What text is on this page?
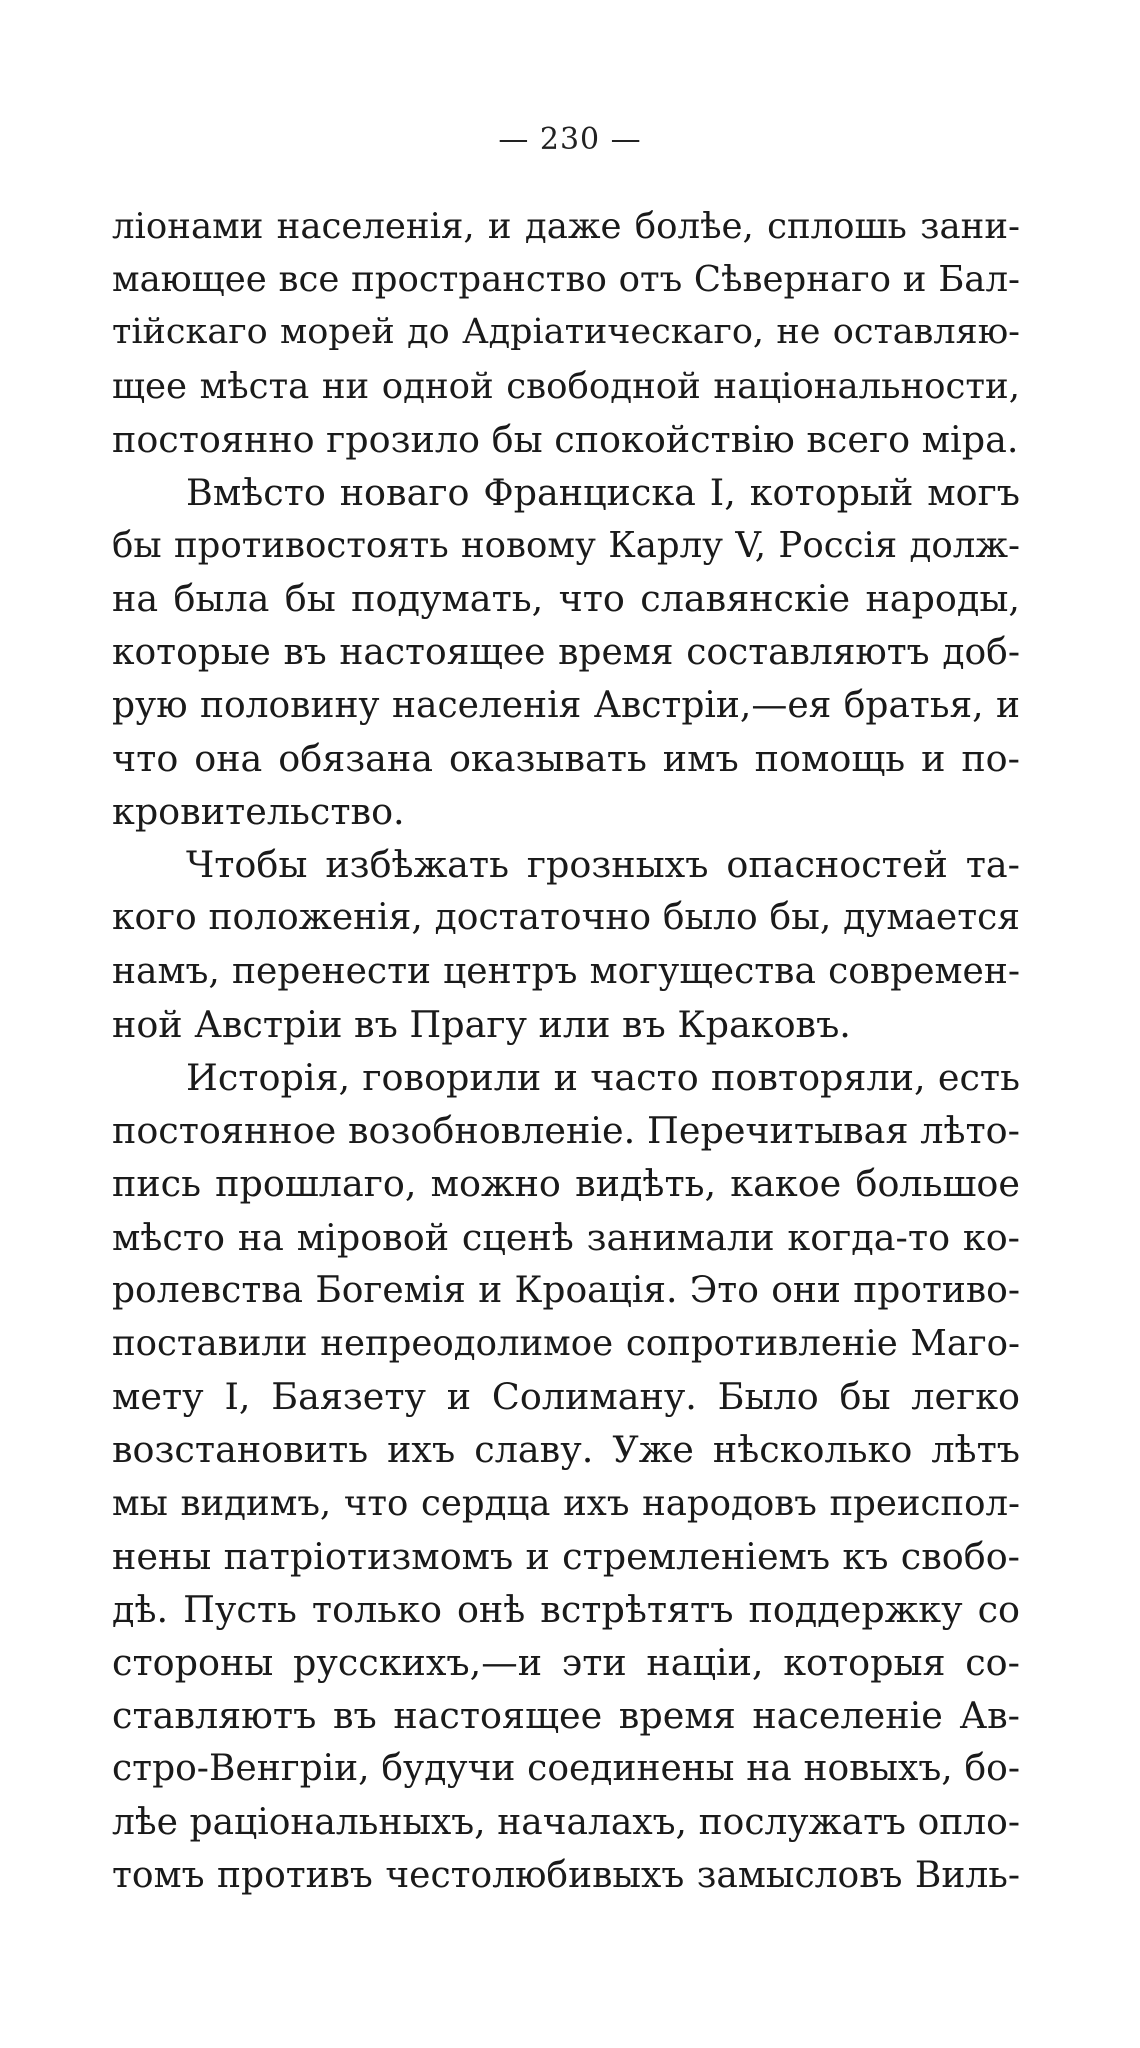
— 230 —
ліонами населенія, и даже болѣе, сплошь зани-
мающее все пространство отъ Сѣвернаго и Бал-
тійскаго морей до Адріатическаго, не оставляю-
щее мѣста ни одной свободной національности,
постоянно грозило бы спокойствію всего міра.
Вмѣсто новаго Франциска I, который могъ
бы противостоять новому Карлу V, Россія долж-
на была бы подумать, что славянскіе народы,
которые въ настоящее время составляютъ доб-
рую половину населенія Австріи,—ея братья, и
что она обязана оказывать имъ помощь и по-
кровительство.
Чтобы избѣжать грозныхъ опасностей та-
кого положенія, достаточно было бы, думается
намъ, перенести центръ могущества современ-
ной Австріи въ Прагу или въ Краковъ.
Исторія, говорили и часто повторяли, есть
постоянное возобновленіе. Перечитывая лѣто-
пись прошлаго, можно видѣть, какое большое
мѣсто на міровой сценѣ занимали когда-то ко-
ролевства Богемія и Кроація. Это они противо-
поставили непреодолимое сопротивленіе Маго-
мету I, Баязету и Солиману. Было бы легко
возстановить ихъ славу. Уже нѣсколько лѣтъ
мы видимъ, что сердца ихъ народовъ преиспол-
нены патріотизмомъ и стремленіемъ къ свобо-
дѣ. Пусть только онѣ встрѣтятъ поддержку со
стороны русскихъ,—и эти націи, которыя со-
ставляютъ въ настоящее время населеніе Ав-
стро-Венгріи, будучи соединены на новыхъ, бо-
лѣе раціональныхъ, началахъ, послужатъ оплo-
томъ противъ честолюбивыхъ замысловъ Виль-
